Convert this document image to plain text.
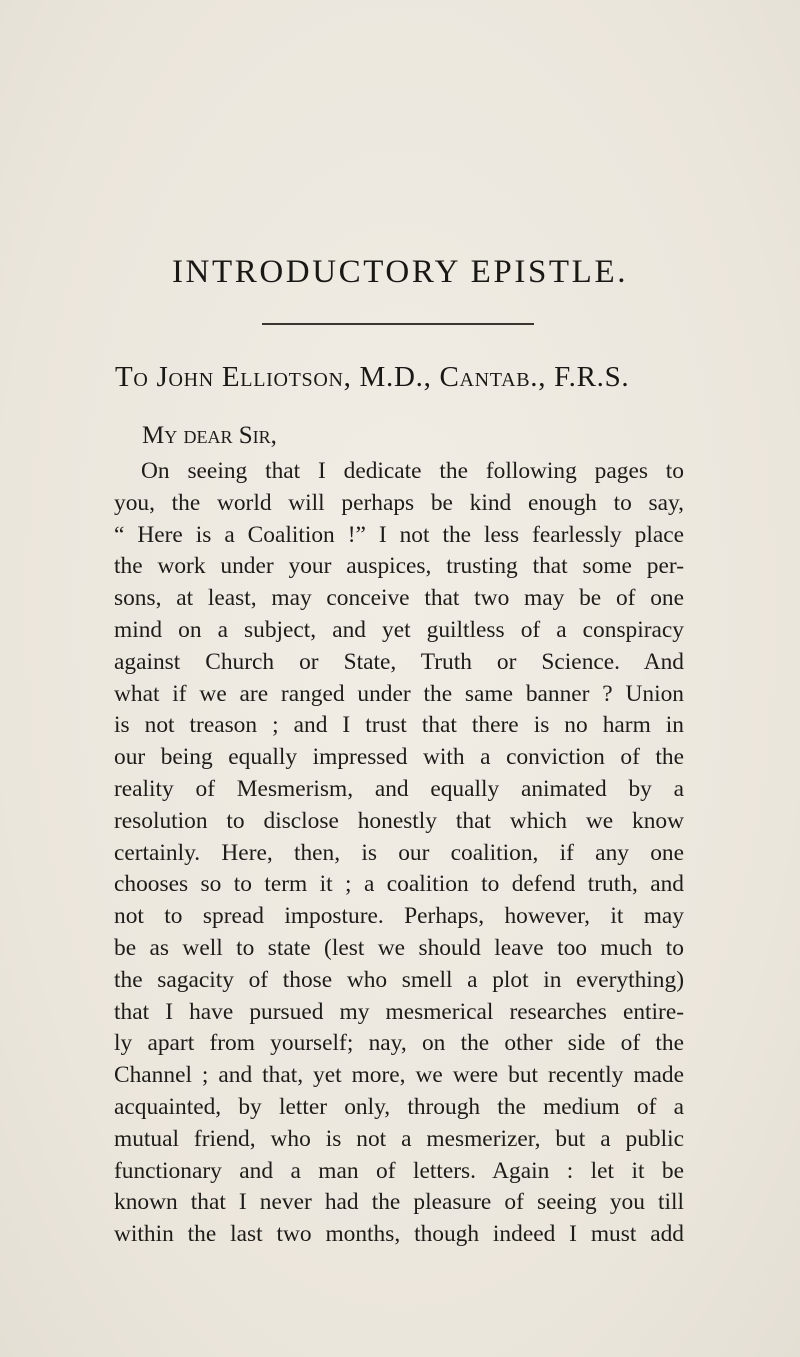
INTRODUCTORY EPISTLE.
To John Elliotson, M.D., Cantab., F.R.S.
My dear Sir,
On seeing that I dedicate the following pages to
you, the world will perhaps be kind enough to say,
“ Here is a Coalition !” I not the less fearlessly place
the work under your auspices, trusting that some per-
sons, at least, may conceive that two may be of one
mind on a subject, and yet guiltless of a conspiracy
against Church or State, Truth or Science. And
what if we are ranged under the same banner ? Union
is not treason ; and I trust that there is no harm in
our being equally impressed with a conviction of the
reality of Mesmerism, and equally animated by a
resolution to disclose honestly that which we know
certainly. Here, then, is our coalition, if any one
chooses so to term it ; a coalition to defend truth, and
not to spread imposture. Perhaps, however, it may
be as well to state (lest we should leave too much to
the sagacity of those who smell a plot in everything)
that I have pursued my mesmerical researches entire-
ly apart from yourself; nay, on the other side of the
Channel ; and that, yet more, we were but recently made
acquainted, by letter only, through the medium of a
mutual friend, who is not a mesmerizer, but a public
functionary and a man of letters. Again : let it be
known that I never had the pleasure of seeing you till
within the last two months, though indeed I must add
